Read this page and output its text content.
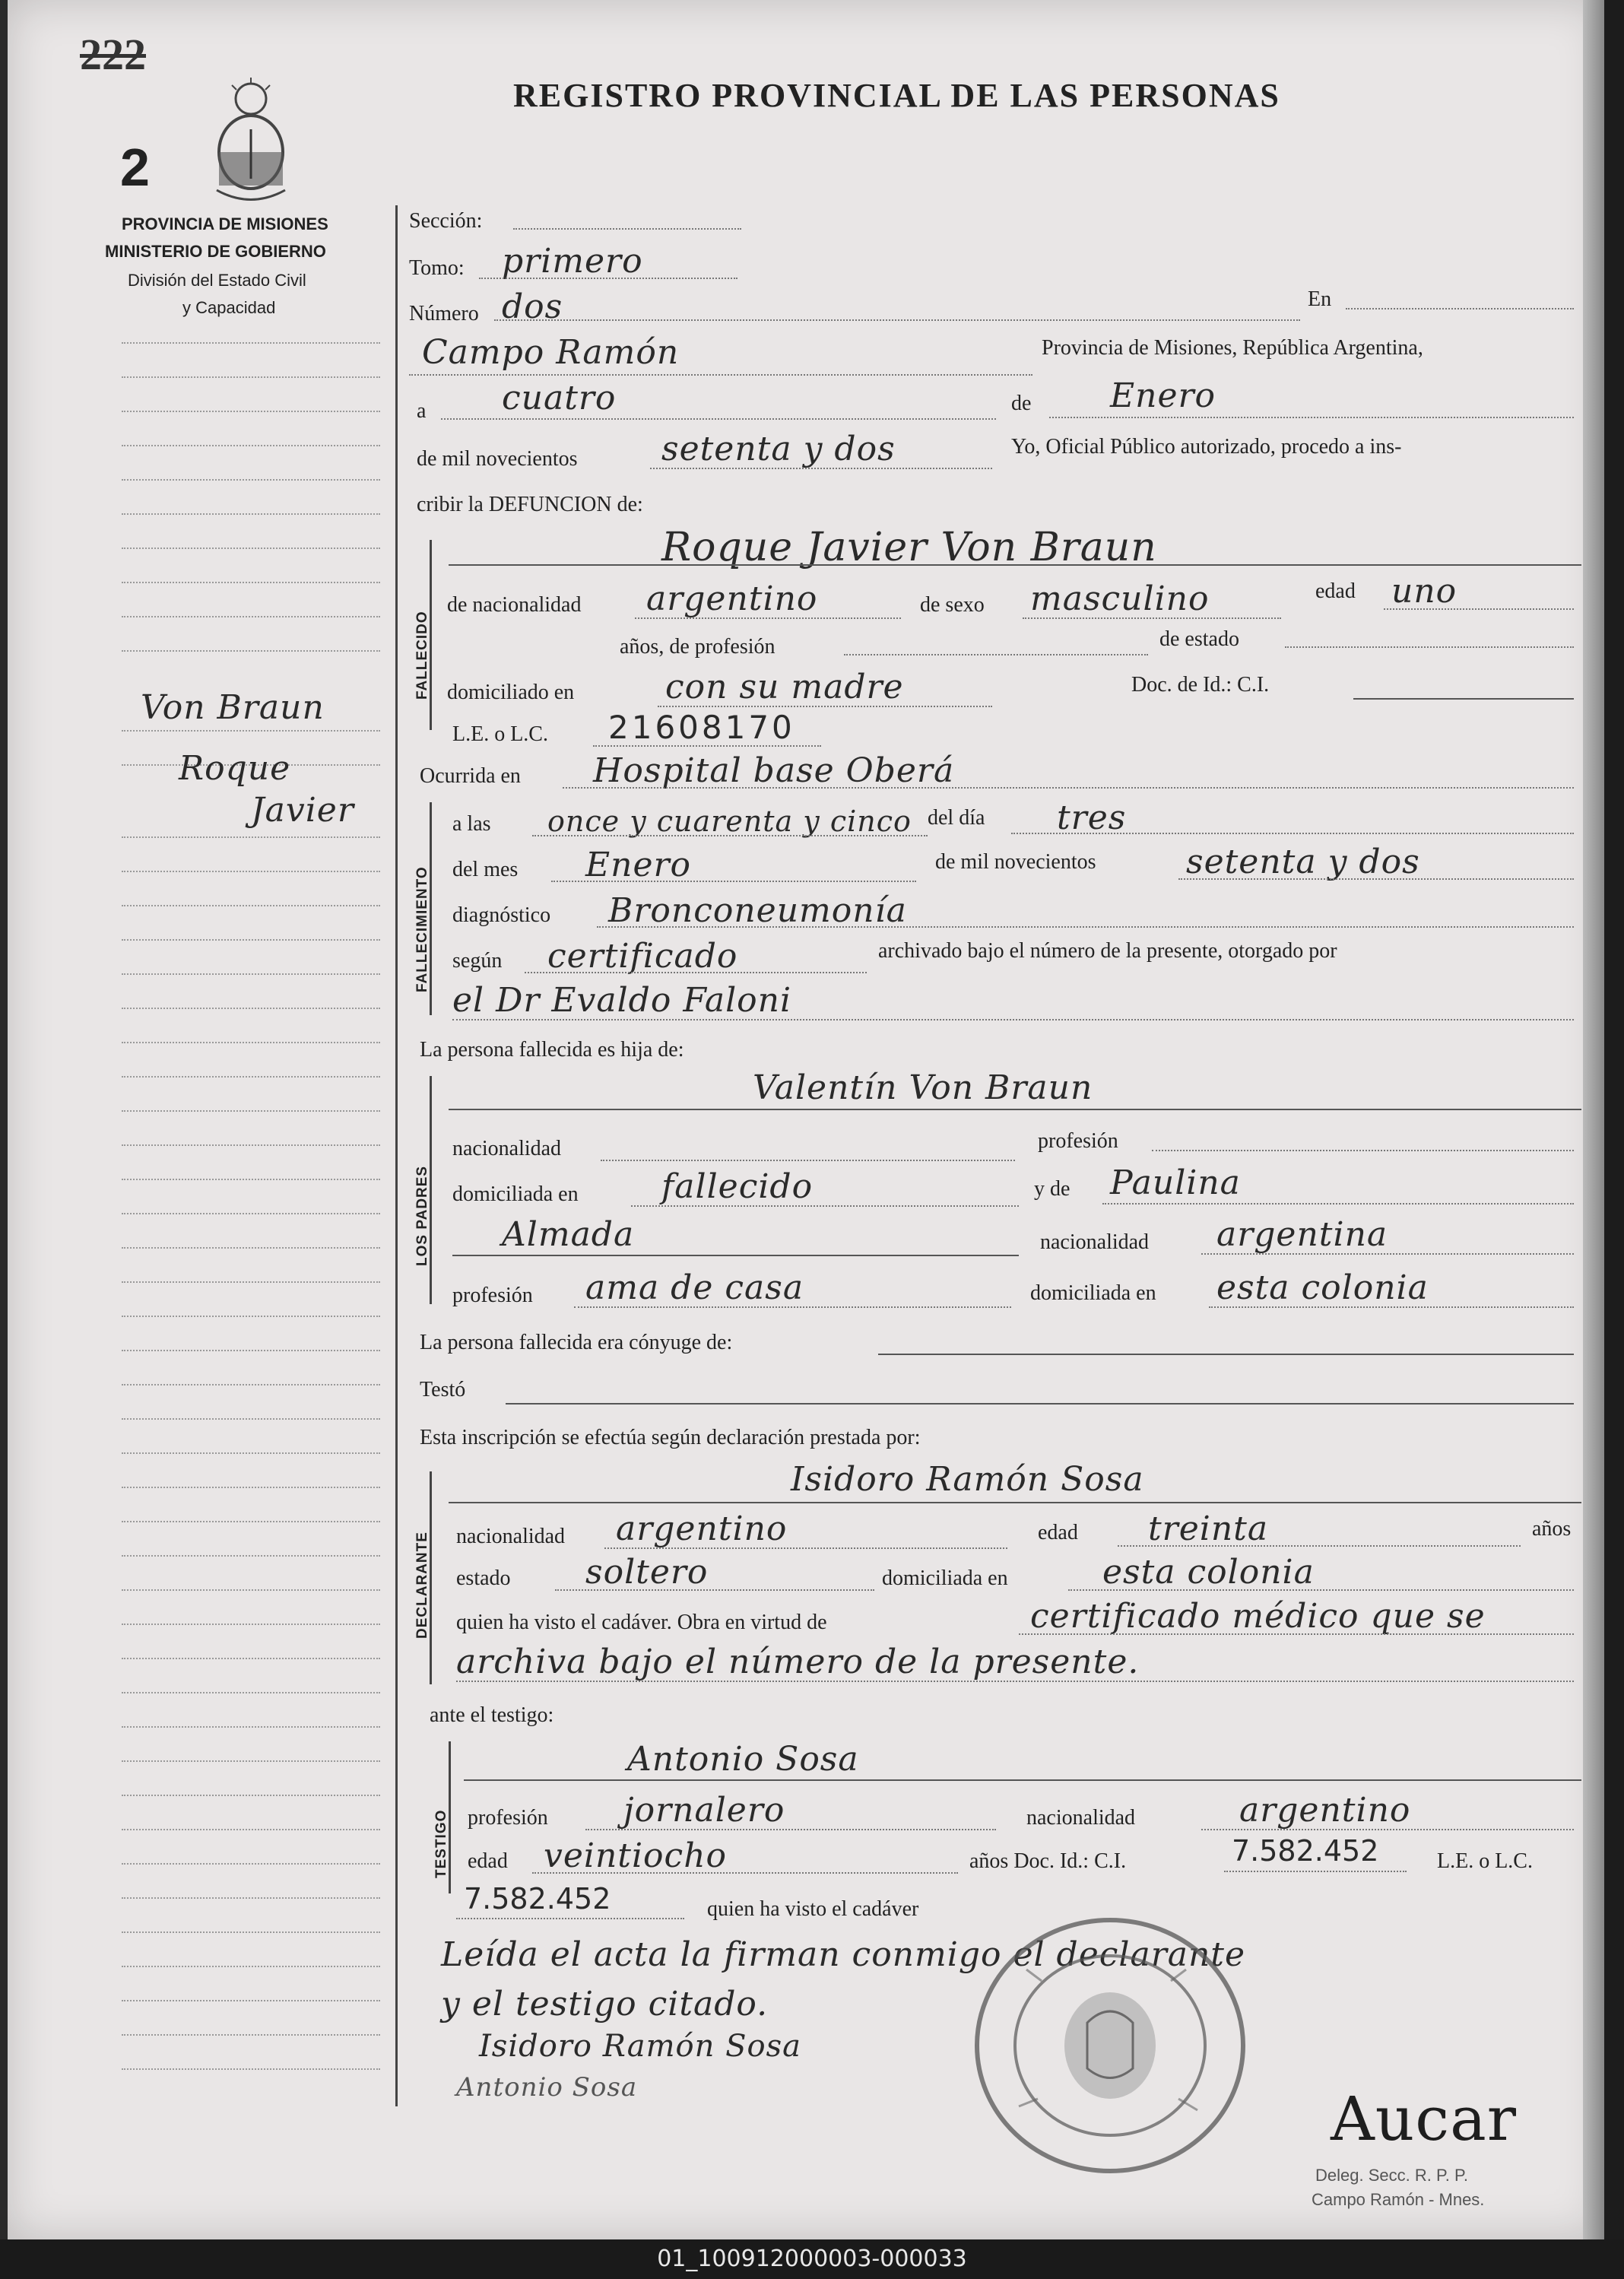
222
2
PROVINCIA DE MISIONES
MINISTERIO DE GOBIERNO
División del Estado Civil
y Capacidad
REGISTRO PROVINCIAL DE LAS PERSONAS
Von Braun
Roque
Javier
Sección:
Tomo: primero
Número dos	En
Campo Ramón	Provincia de Misiones, República Argentina,
a cuatro	de Enero
de mil novecientos	setenta y dos	Yo, Oficial Público autorizado, procedo a ins-
cribir la DEFUNCION de:
FALLECIDO
Roque Javier Von Braun
de nacionalidad argentino	de sexo masculino	edad uno
años, de profesión	de estado
domiciliado en	con su madre	Doc. de Id.: C.I.
L.E. o L.C. 21608170
Ocurrida en Hospital base Oberá
FALLECIMIENTO
a las once y cuarenta y cinco del día tres
del mes Enero	de mil novecientos	setenta y dos
diagnóstico Bronconeumonía
según certificado	archivado bajo el número de la presente, otorgado por
el Dr Evaldo Faloni
La persona fallecida es hija de:
LOS PADRES
Valentín Von Braun
nacionalidad	profesión
domiciliada en fallecido	y de Paulina
Almada	nacionalidad argentina
profesión ama de casa	domiciliada en esta colonia
La persona fallecida era cónyuge de:
Testó
Esta inscripción se efectúa según declaración prestada por:
DECLARANTE
Isidoro Ramón Sosa
nacionalidad argentino	edad treinta	años
estado soltero	domiciliada en	esta colonia
quien ha visto el cadáver. Obra en virtud de	certificado médico que se
archiva bajo el número de la presente.
ante el testigo:
TESTIGO
Antonio Sosa
profesión jornalero	nacionalidad	argentino
edad veintiocho	años Doc. Id.: C.I.	7.582.452	L.E. o L.C.
7.582.452	quien ha visto el cadáver
Leída el acta la firman conmigo el declarante
y el testigo citado.
Isidoro Ramón Sosa
Antonio Sosa	Aucar
Deleg. Secc. R. P. P.
Campo Ramón - Mnes.
01_100912000003-000033
